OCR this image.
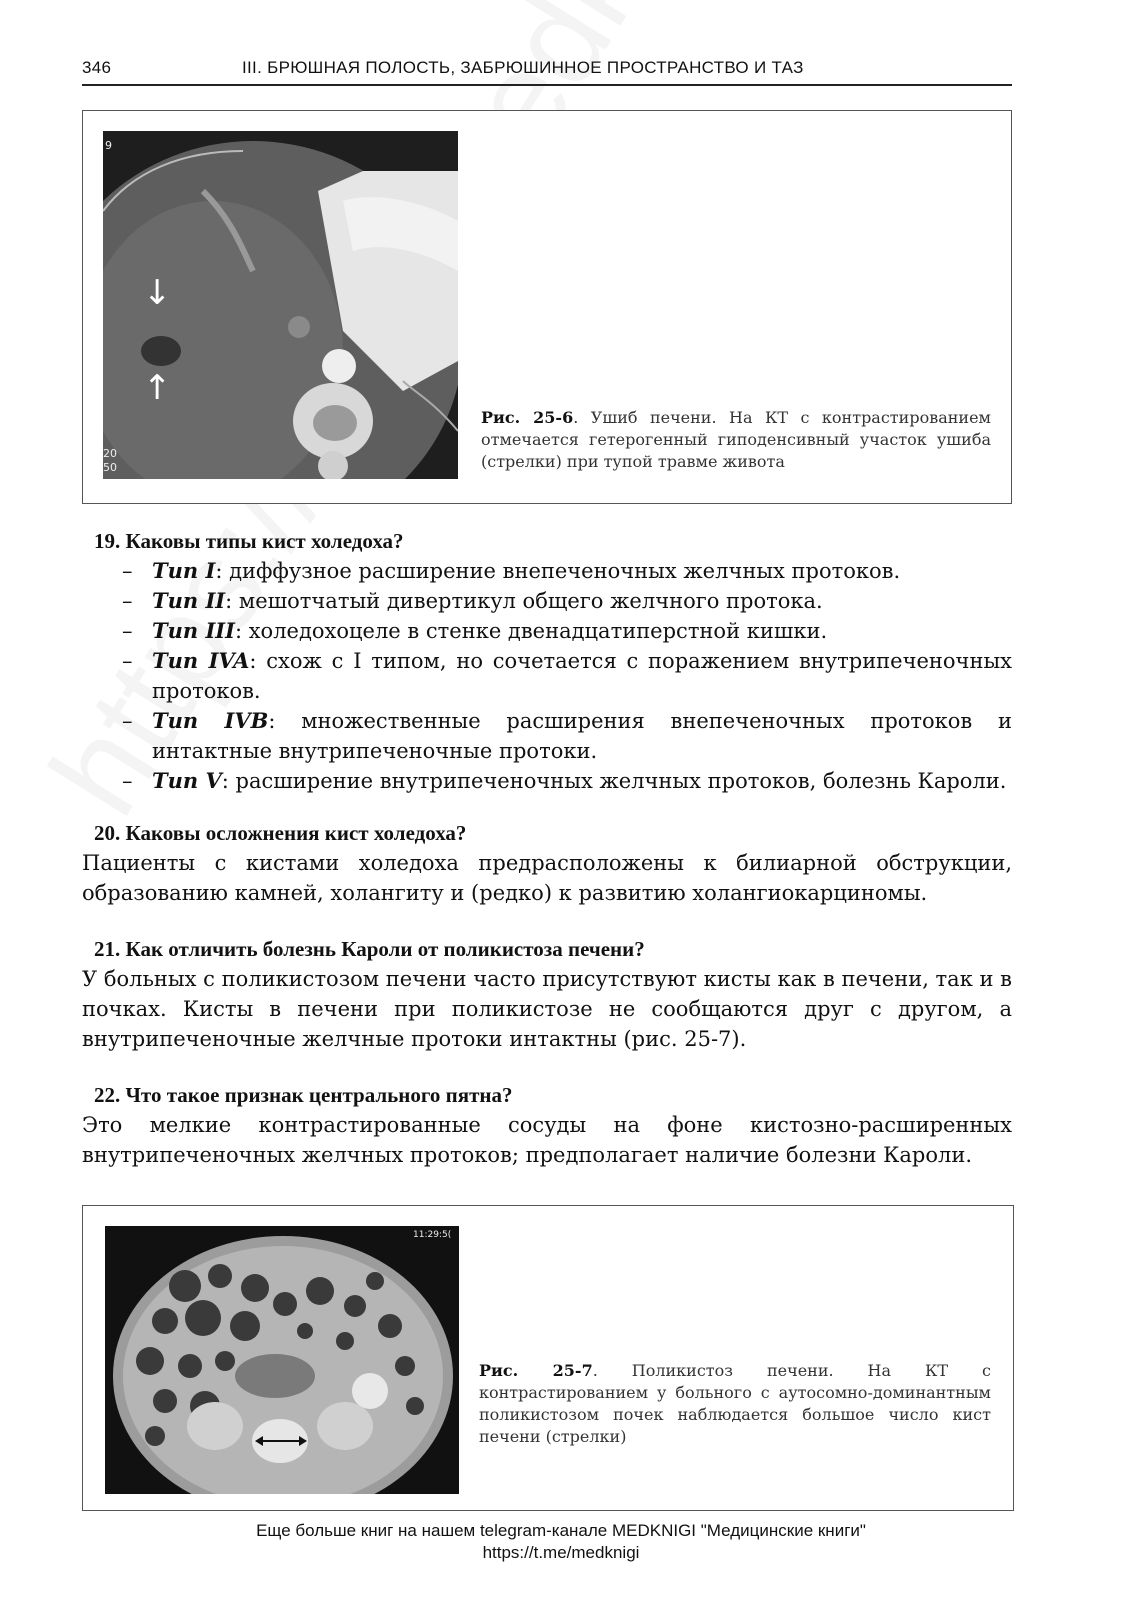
346	III. БРЮШНАЯ ПОЛОСТЬ, ЗАБРЮШИННОЕ ПРОСТРАНСТВО И ТАЗ
↓
↑
9
20
50
Рис. 25-6. Ушиб печени. На КТ с контрастированием отмечается гетерогенный гиподенсивный участок ушиба (стрелки) при тупой травме живота

19. Каковы типы кист холедоха?

– Тип I: диффузное расширение внепеченочных желчных протоков.
– Тип II: мешотчатый дивертикул общего желчного протока.
– Тип III: холедохоцеле в стенке двенадцатиперстной кишки.
– Тип IVA: схож с I типом, но сочетается с поражением внутрипеченочных протоков.
– Тип IVB: множественные расширения внепеченочных протоков и интактные внутрипеченочные протоки.
– Тип V: расширение внутрипеченочных желчных протоков, болезнь Кароли.

20. Каковы осложнения кист холедоха?

Пациенты с кистами холедоха предрасположены к билиарной обструкции, образованию камней, холангиту и (редко) к развитию холангиокарциномы.

21. Как отличить болезнь Кароли от поликистоза печени?

У больных с поликистозом печени часто присутствуют кисты как в печени, так и в почках. Кисты в печени при поликистозе не сообщаются друг с другом, а внутрипеченочные желчные протоки интактны (рис. 25-7).

22. Что такое признак центрального пятна?

Это мелкие контрастированные сосуды на фоне кистозно-расширенных внутрипеченочных желчных протоков; предполагает наличие болезни Кароли.

11:29:5(
Рис. 25-7. Поликистоз печени. На КТ с контрастированием у больного с аутосомно-доминантным поликистозом почек наблюдается большое число кист печени (стрелки)
Еще больше книг на нашем telegram-канале MEDKNIGI "Медицинские книги"
https://t.me/medknigi
